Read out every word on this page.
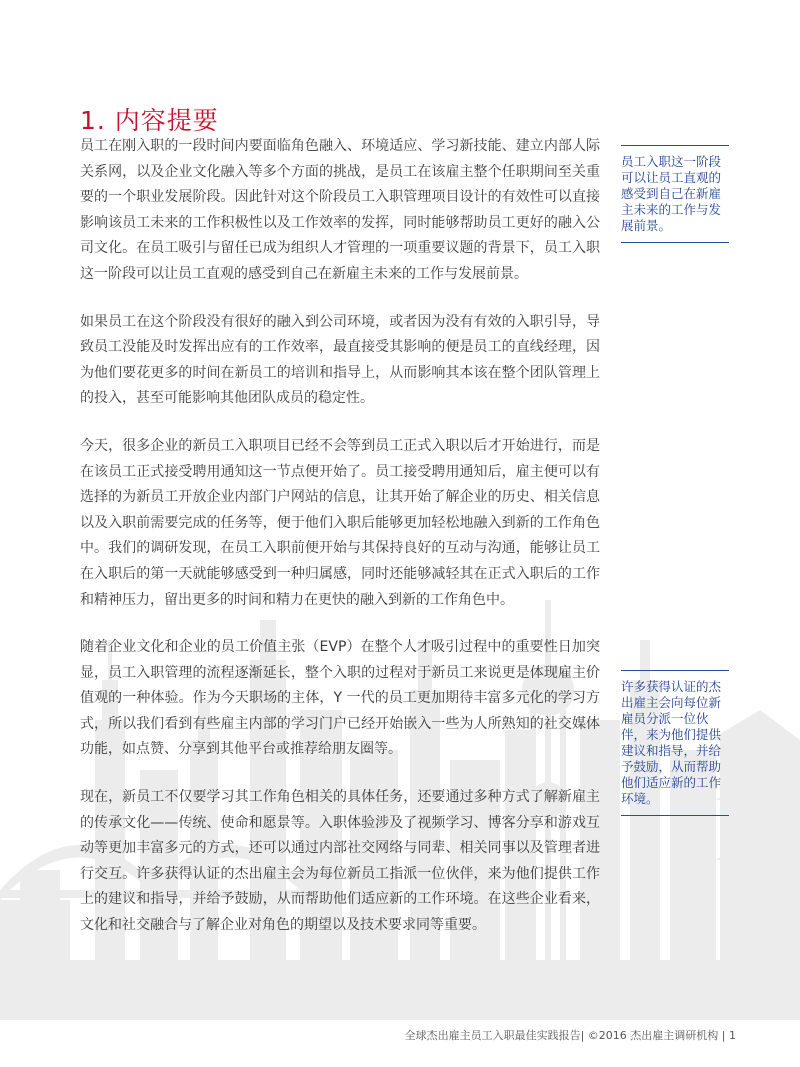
1. 内容提要

员工在刚入职的一段时间内要面临角色融入、环境适应、学习新技能、建立内部人际关系网，以及企业文化融入等多个方面的挑战，是员工在该雇主整个任职期间至关重要的一个职业发展阶段。因此针对这个阶段员工入职管理项目设计的有效性可以直接影响该员工未来的工作积极性以及工作效率的发挥，同时能够帮助员工更好的融入公司文化。在员工吸引与留任已成为组织人才管理的一项重要议题的背景下，员工入职这一阶段可以让员工直观的感受到自己在新雇主未来的工作与发展前景。

如果员工在这个阶段没有很好的融入到公司环境，或者因为没有有效的入职引导，导致员工没能及时发挥出应有的工作效率，最直接受其影响的便是员工的直线经理，因为他们要花更多的时间在新员工的培训和指导上，从而影响其本该在整个团队管理上的投入，甚至可能影响其他团队成员的稳定性。

今天，很多企业的新员工入职项目已经不会等到员工正式入职以后才开始进行，而是在该员工正式接受聘用通知这一节点便开始了。员工接受聘用通知后，雇主便可以有选择的为新员工开放企业内部门户网站的信息，让其开始了解企业的历史、相关信息以及入职前需要完成的任务等，便于他们入职后能够更加轻松地融入到新的工作角色中。我们的调研发现，在员工入职前便开始与其保持良好的互动与沟通，能够让员工在入职后的第一天就能够感受到一种归属感，同时还能够减轻其在正式入职后的工作和精神压力，留出更多的时间和精力在更快的融入到新的工作角色中。

随着企业文化和企业的员工价值主张（EVP）在整个人才吸引过程中的重要性日加突显，员工入职管理的流程逐渐延长，整个入职的过程对于新员工来说更是体现雇主价值观的一种体验。作为今天职场的主体，Y 一代的员工更加期待丰富多元化的学习方式，所以我们看到有些雇主内部的学习门户已经开始嵌入一些为人所熟知的社交媒体功能，如点赞、分享到其他平台或推荐给朋友圈等。

现在，新员工不仅要学习其工作角色相关的具体任务，还要通过多种方式了解新雇主的传承文化——传统、使命和愿景等。入职体验涉及了视频学习、博客分享和游戏互动等更加丰富多元的方式，还可以通过内部社交网络与同辈、相关同事以及管理者进行交互。许多获得认证的杰出雇主会为每位新员工指派一位伙伴，来为他们提供工作上的建议和指导，并给予鼓励，从而帮助他们适应新的工作环境。在这些企业看来，文化和社交融合与了解企业对角色的期望以及技术要求同等重要。

员工入职这一阶段可以让员工直观的感受到自己在新雇主未来的工作与发展前景。
许多获得认证的杰出雇主会向每位新雇员分派一位伙伴，来为他们提供建议和指导，并给予鼓励，从而帮助他们适应新的工作环境。
全球杰出雇主员工入职最佳实践报告| ©2016 杰出雇主调研机构 | 1
